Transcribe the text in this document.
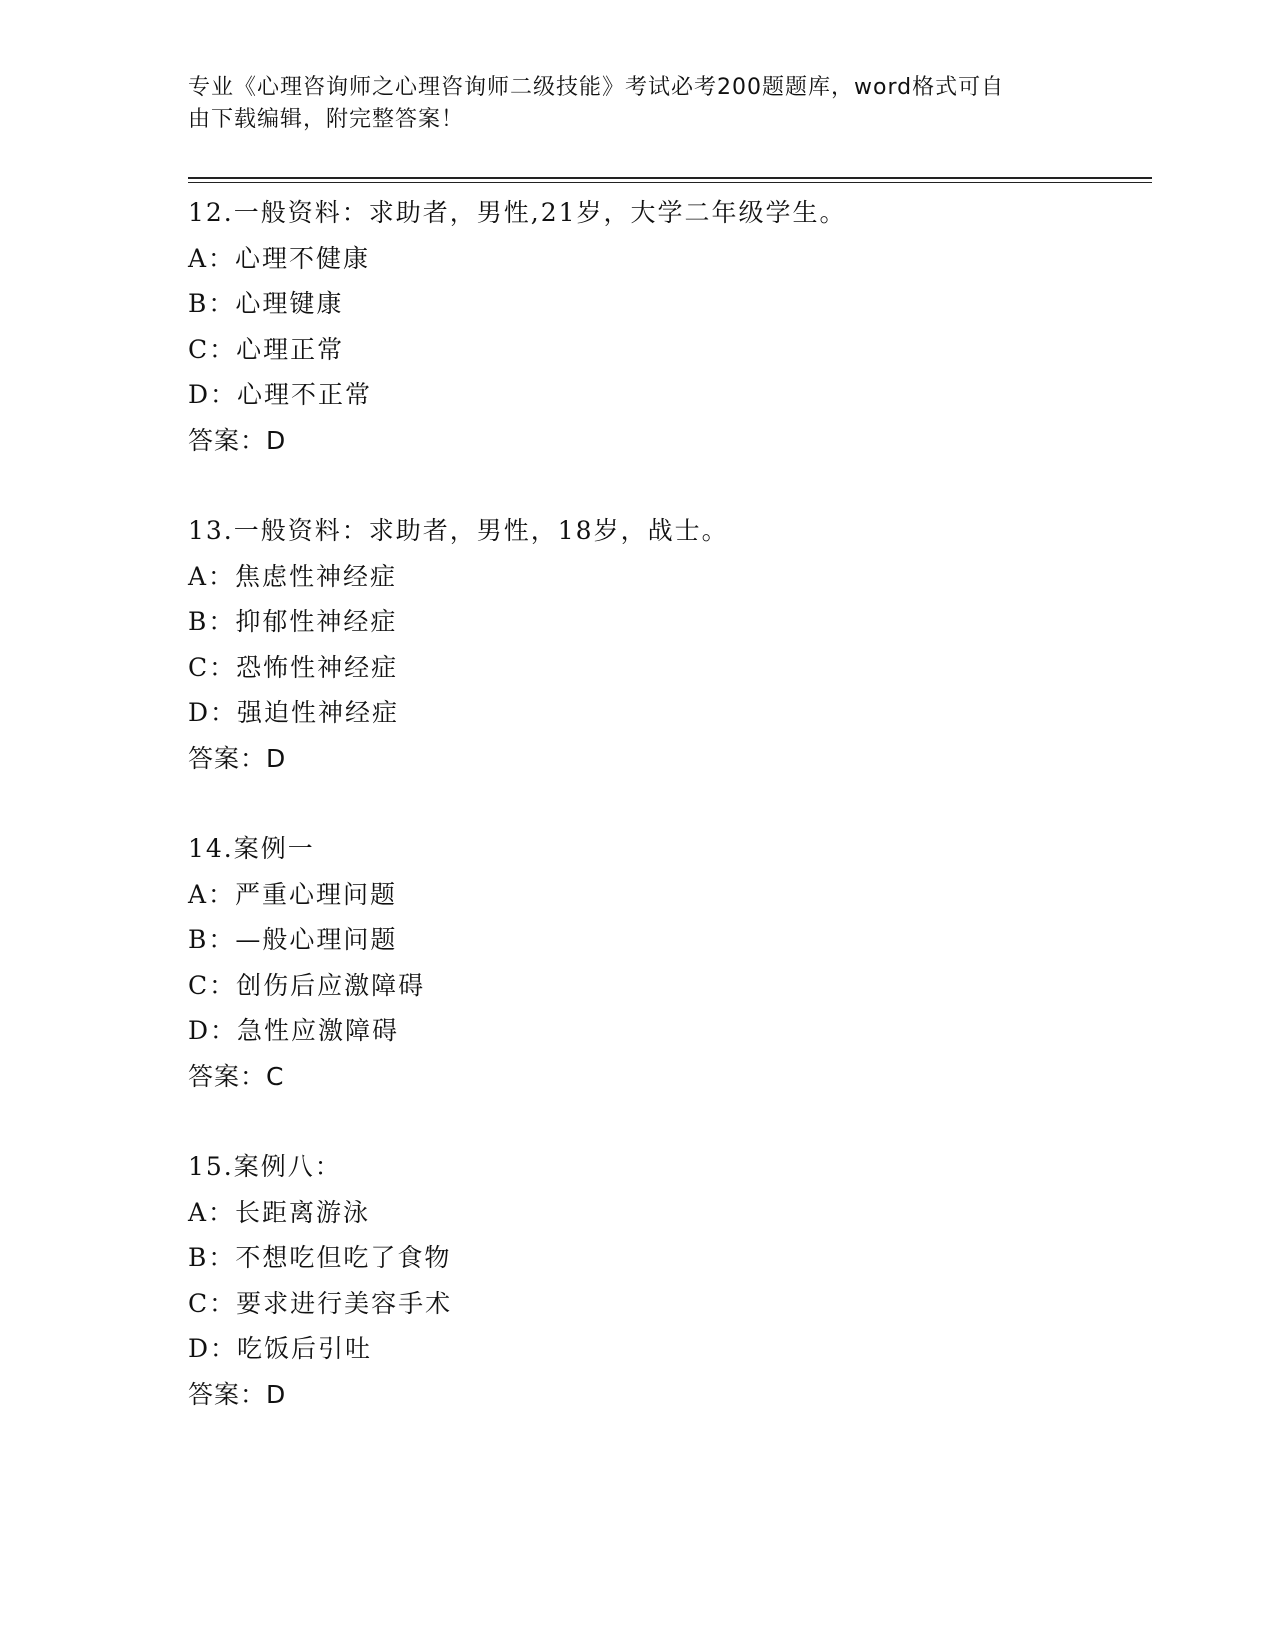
专业《心理咨询师之心理咨询师二级技能》考试必考200题题库，word格式可自
由下载编辑，附完整答案！
12.一般资料：求助者，男性,21岁，大学二年级学生。
A：心理不健康
B：心理键康
C：心理正常
D：心理不正常
答案：D
13.一般资料：求助者，男性，18岁，战士。
A：焦虑性神经症
B：抑郁性神经症
C：恐怖性神经症
D：强迫性神经症
答案：D
14.案例一
A：严重心理问题
B：—般心理问题
C：创伤后应激障碍
D：急性应激障碍
答案：C
15.案例八：
A：长距离游泳
B：不想吃但吃了食物
C：要求进行美容手术
D：吃饭后引吐
答案：D
